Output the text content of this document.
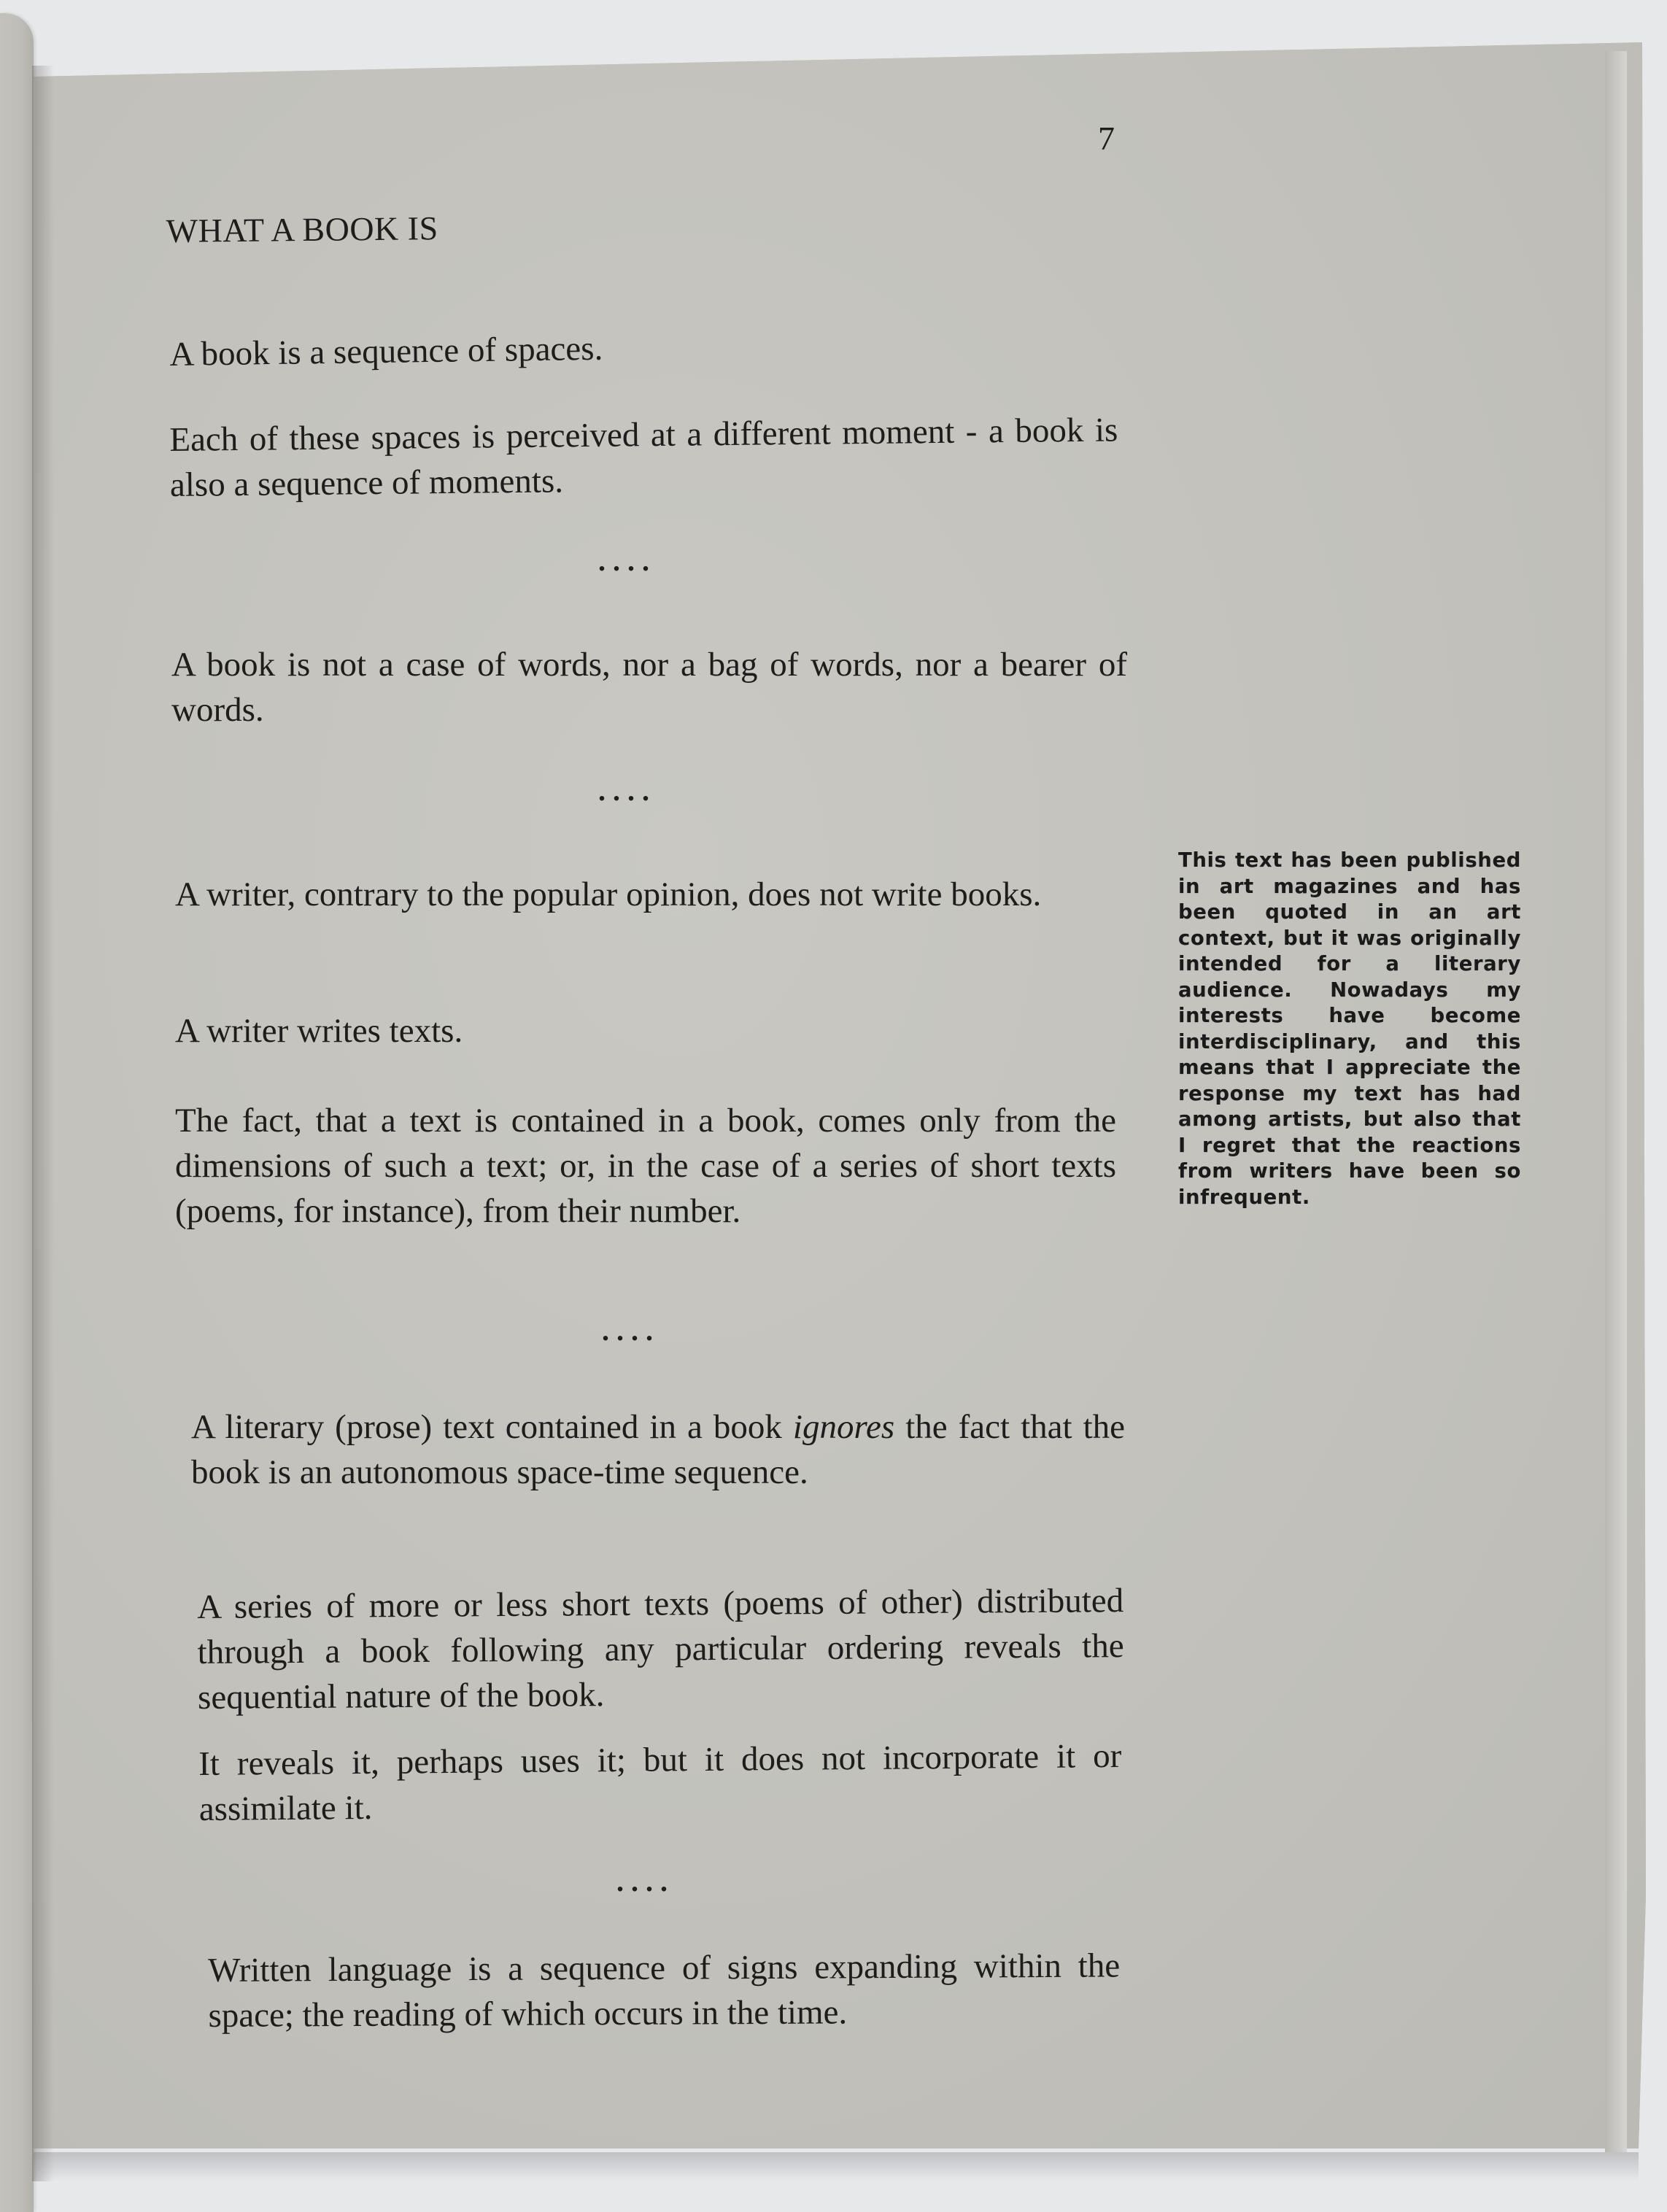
7
WHAT A BOOK IS
A book is a sequence of spaces.
Each of these spaces is perceived at a different moment - a book is also a sequence of moments.
....
A book is not a case of words, nor a bag of words, nor a bearer of words.
....
A writer, contrary to the popular opinion, does not write books.
A writer writes texts.
The fact, that a text is contained in a book, comes only from the dimensions of such a text; or, in the case of a series of short texts (poems, for instance), from their number.
This text has been published in art magazines and has been quoted in an art context, but it was originally intended for a literary audience. Nowadays my interests have become interdisciplinary, and this means that I appreciate the response my text has had among artists, but also that I regret that the reactions from writers have been so infrequent.
....
A literary (prose) text contained in a book ignores the fact that the book is an autonomous space-time sequence.
A series of more or less short texts (poems of other) distributed through a book following any particular ordering reveals the sequential nature of the book.
It reveals it, perhaps uses it; but it does not incorporate it or assimilate it.
....
Written language is a sequence of signs expanding within the space; the reading of which occurs in the time.
